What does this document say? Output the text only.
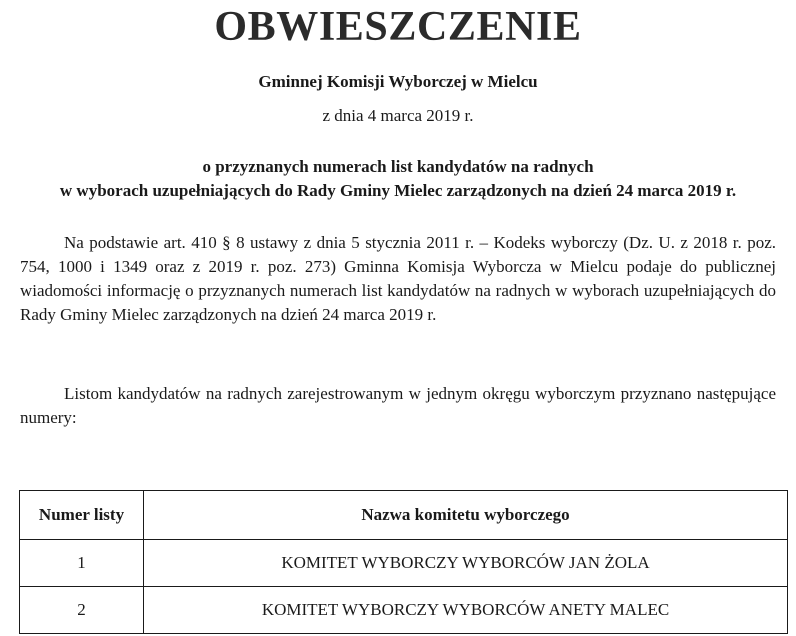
OBWIESZCZENIE
Gminnej Komisji Wyborczej w Mielcu
z dnia 4 marca 2019 r.
o przyznanych numerach list kandydatów na radnych
w wyborach uzupełniających do Rady Gminy Mielec zarządzonych na dzień 24 marca 2019 r.

Na podstawie art. 410 § 8 ustawy z dnia 5 stycznia 2011 r. – Kodeks wyborczy (Dz. U. z 2018 r. poz. 754, 1000 i 1349 oraz z 2019 r. poz. 273) Gminna Komisja Wyborcza w Mielcu podaje do publicznej wiadomości informację o przyznanych numerach list kandydatów na radnych w wyborach uzupełniających do Rady Gminy Mielec zarządzonych na dzień 24 marca 2019 r.

Listom kandydatów na radnych zarejestrowanym w jednym okręgu wyborczym przyznano następujące numery:

Numer listy	Nazwa komitetu wyborczego
1	KOMITET WYBORCZY WYBORCÓW JAN ŻOLA
2	KOMITET WYBORCZY WYBORCÓW ANETY MALEC
